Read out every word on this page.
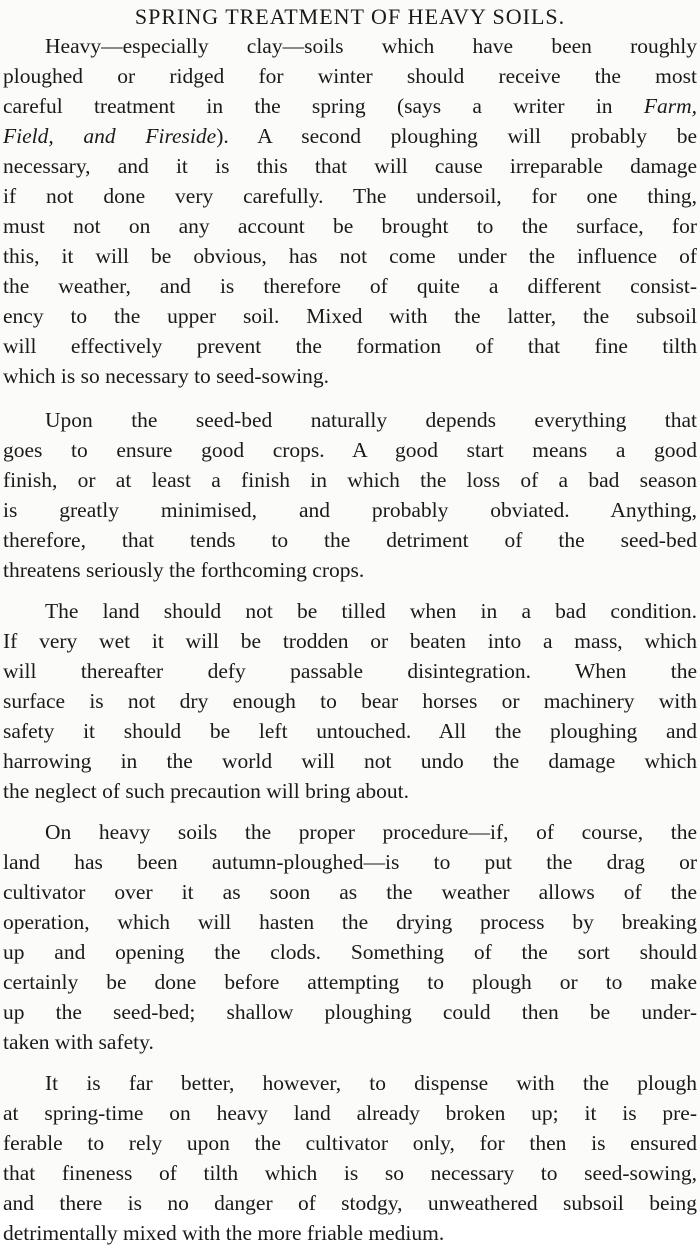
SPRING TREATMENT OF HEAVY SOILS.
Heavy—especially clay—soils which have been roughly
ploughed or ridged for winter should receive the most
careful treatment in the spring (says a writer in Farm,
Field, and Fireside). A second ploughing will probably be
necessary, and it is this that will cause irreparable damage
if not done very carefully. The undersoil, for one thing,
must not on any account be brought to the surface, for
this, it will be obvious, has not come under the influence of
the weather, and is therefore of quite a different consist-
ency to the upper soil. Mixed with the latter, the subsoil
will effectively prevent the formation of that fine tilth
which is so necessary to seed-sowing.
Upon the seed-bed naturally depends everything that
goes to ensure good crops. A good start means a good
finish, or at least a finish in which the loss of a bad season
is greatly minimised, and probably obviated. Anything,
therefore, that tends to the detriment of the seed-bed
threatens seriously the forthcoming crops.
The land should not be tilled when in a bad condition.
If very wet it will be trodden or beaten into a mass, which
will thereafter defy passable disintegration. When the
surface is not dry enough to bear horses or machinery with
safety it should be left untouched. All the ploughing and
harrowing in the world will not undo the damage which
the neglect of such precaution will bring about.
On heavy soils the proper procedure—if, of course, the
land has been autumn-ploughed—is to put the drag or
cultivator over it as soon as the weather allows of the
operation, which will hasten the drying process by breaking
up and opening the clods. Something of the sort should
certainly be done before attempting to plough or to make
up the seed-bed; shallow ploughing could then be under-
taken with safety.
It is far better, however, to dispense with the plough
at spring-time on heavy land already broken up; it is pre-
ferable to rely upon the cultivator only, for then is ensured
that fineness of tilth which is so necessary to seed-sowing,
and there is no danger of stodgy, unweathered subsoil being
detrimentally mixed with the more friable medium.
